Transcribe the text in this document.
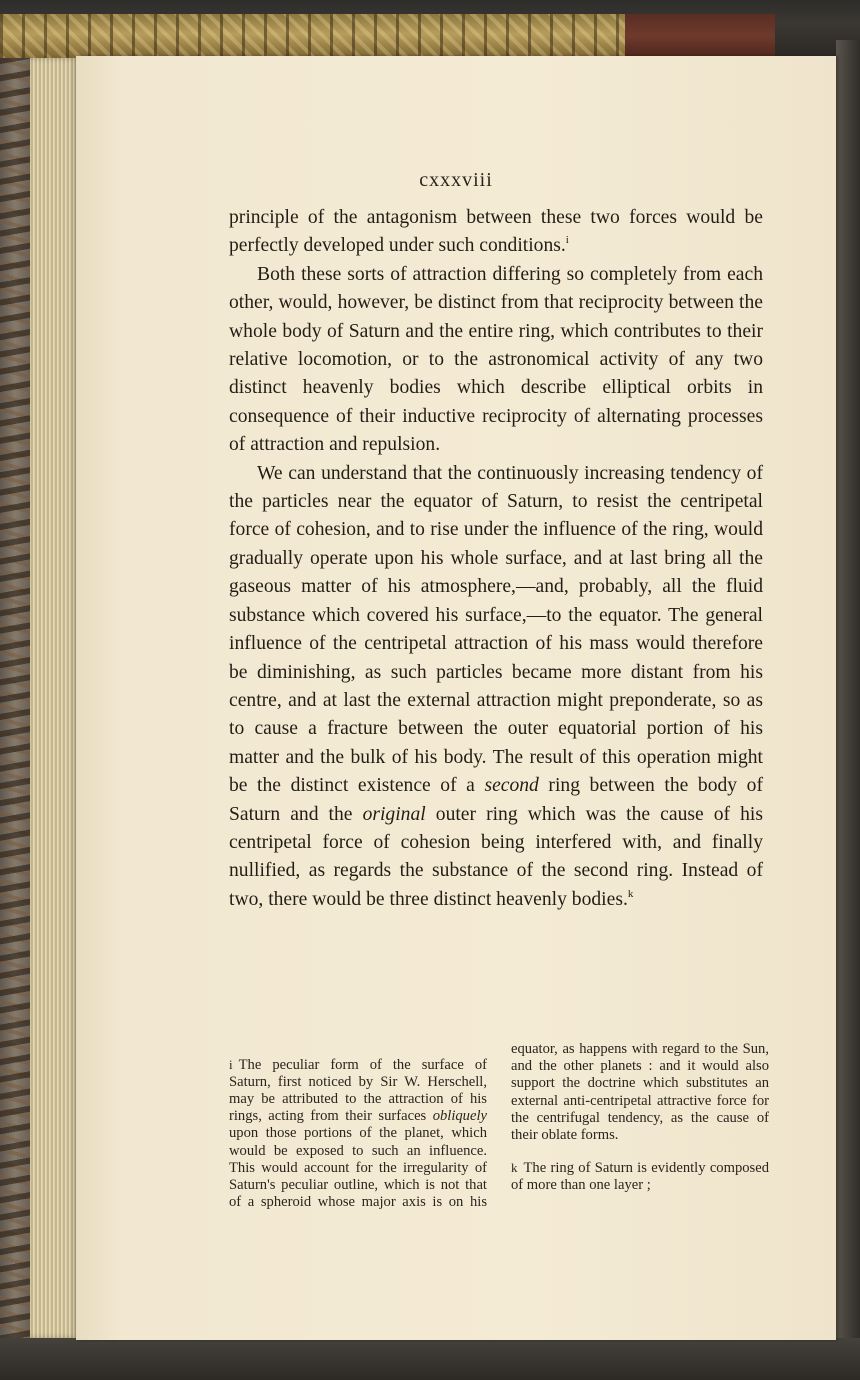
cxxxviii

principle of the antagonism between these two forces would be perfectly developed under such conditions.$^i$

Both these sorts of attraction differing so completely from each other, would, however, be distinct from that reciprocity between the whole body of Saturn and the entire ring, which contributes to their relative locomotion, or to the astronomical activity of any two distinct heavenly bodies which describe elliptical orbits in consequence of their inductive reciprocity of alternating processes of attraction and repulsion.

We can understand that the continuously increasing tendency of the particles near the equator of Saturn, to resist the centripetal force of cohesion, and to rise under the influence of the ring, would gradually operate upon his whole surface, and at last bring all the gaseous matter of his atmosphere,—and, probably, all the fluid substance which covered his surface,—to the equator. The general influence of the centripetal attraction of his mass would therefore be diminishing, as such particles became more distant from his centre, and at last the external attraction might preponderate, so as to cause a fracture between the outer equatorial portion of his matter and the bulk of his body. The result of this operation might be the distinct existence of a second ring between the body of Saturn and the original outer ring which was the cause of his centripetal force of cohesion being interfered with, and finally nullified, as regards the substance of the second ring. Instead of two, there would be three distinct heavenly bodies.$^k$

i The peculiar form of the surface of Saturn, first noticed by Sir W. Herschell, may be attributed to the attraction of his rings, acting from their surfaces obliquely upon those portions of the planet, which would be exposed to such an influence. This would account for the irregularity of Saturn's peculiar outline, which is not that of a spheroid whose major axis is on his equator, as happens with regard to the Sun, and the other planets : and it would also support the doctrine which substitutes an external anti-centripetal attractive force for the centrifugal tendency, as the cause of their oblate forms.

k The ring of Saturn is evidently composed of more than one layer ;
